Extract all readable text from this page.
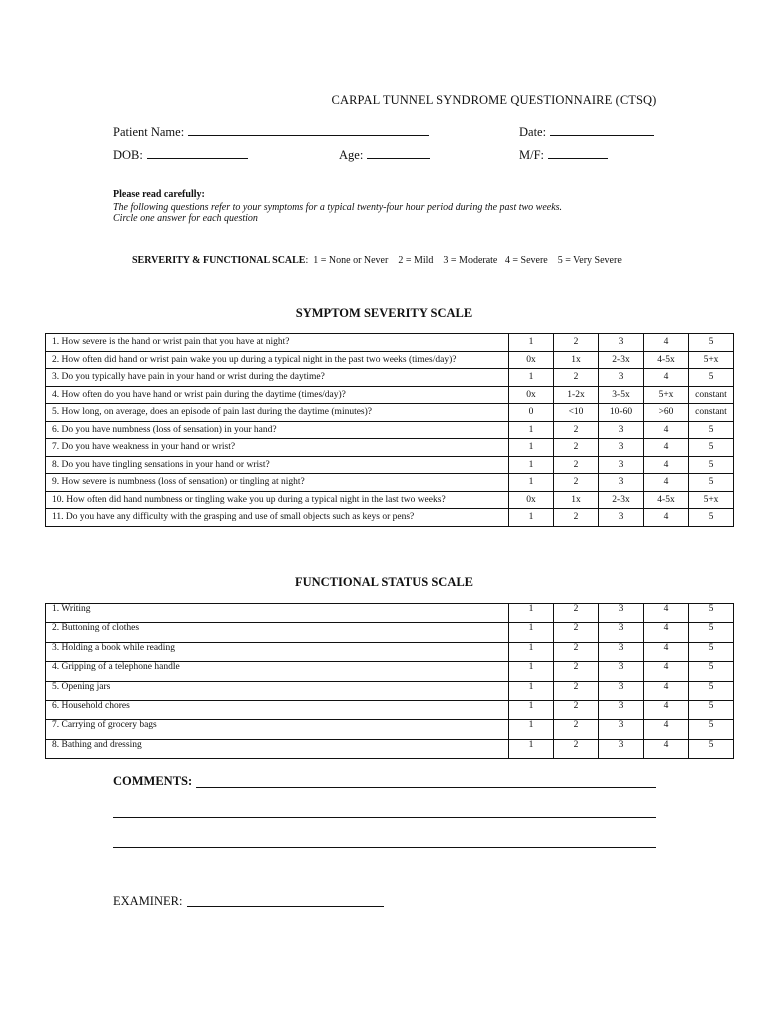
CARPAL TUNNEL SYNDROME QUESTIONNAIRE (CTSQ)
Patient Name:	Date:
DOB:	Age:	M/F:
Please read carefully:
The following questions refer to your symptoms for a typical twenty-four hour period during the past two weeks.
Circle one answer for each question
SERVERITY & FUNCTIONAL SCALE:  1 = None or Never    2 = Mild    3 = Moderate   4 = Severe    5 = Very Severe
SYMPTOM SEVERITY SCALE
1. How severe is the hand or wrist pain that you have at night?	1	2	3	4	5
2. How often did hand or wrist pain wake you up during a typical night in the past two weeks (times/day)?	0x	1x	2-3x	4-5x	5+x
3. Do you typically have pain in your hand or wrist during the daytime?	1	2	3	4	5
4. How often do you have hand or wrist pain during the daytime (times/day)?	0x	1-2x	3-5x	5+x	constant
5. How long, on average, does an episode of pain last during the daytime (minutes)?	0	<10	10-60	>60	constant
6. Do you have numbness (loss of sensation) in your hand?	1	2	3	4	5
7. Do you have weakness in your hand or wrist?	1	2	3	4	5
8. Do you have tingling sensations in your hand or wrist?	1	2	3	4	5
9. How severe is numbness (loss of sensation) or tingling at night?	1	2	3	4	5
10. How often did hand numbness or tingling wake you up during a typical night in the last two weeks?	0x	1x	2-3x	4-5x	5+x
11. Do you have any difficulty with the grasping and use of small objects such as keys or pens?	1	2	3	4	5
FUNCTIONAL STATUS SCALE
1. Writing	1	2	3	4	5
2. Buttoning of clothes	1	2	3	4	5
3. Holding a book while reading	1	2	3	4	5
4. Gripping of a telephone handle	1	2	3	4	5
5. Opening jars	1	2	3	4	5
6. Household chores	1	2	3	4	5
7. Carrying of grocery bags	1	2	3	4	5
8. Bathing and dressing	1	2	3	4	5
COMMENTS:
EXAMINER:
